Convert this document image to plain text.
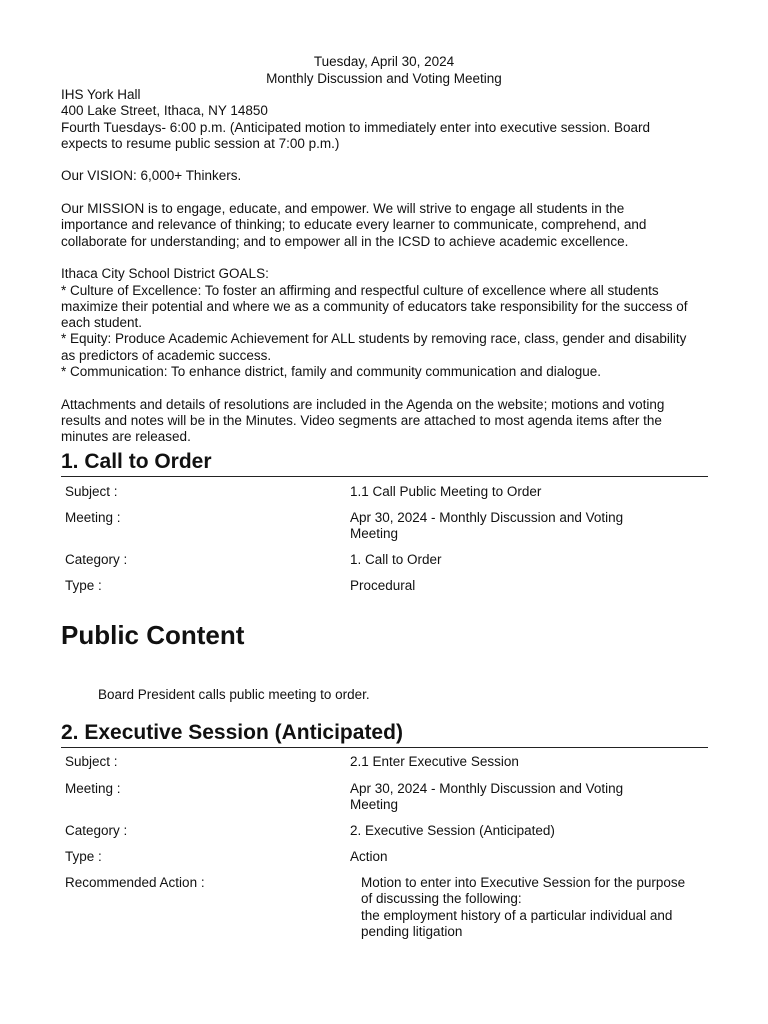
Tuesday, April 30, 2024
Monthly Discussion and Voting Meeting

IHS York Hall
400 Lake Street, Ithaca, NY 14850
Fourth Tuesdays- 6:00 p.m. (Anticipated motion to immediately enter into executive session. Board
expects to resume public session at 7:00 p.m.)

Our VISION: 6,000+ Thinkers.

Our MISSION is to engage, educate, and empower. We will strive to engage all students in the
importance and relevance of thinking; to educate every learner to communicate, comprehend, and
collaborate for understanding; and to empower all in the ICSD to achieve academic excellence.

Ithaca City School District GOALS:
* Culture of Excellence: To foster an affirming and respectful culture of excellence where all students
maximize their potential and where we as a community of educators take responsibility for the success of
each student.
* Equity: Produce Academic Achievement for ALL students by removing race, class, gender and disability
as predictors of academic success.
* Communication: To enhance district, family and community communication and dialogue.

Attachments and details of resolutions are included in the Agenda on the website; motions and voting
results and notes will be in the Minutes. Video segments are attached to most agenda items after the
minutes are released.

1. Call to Order
Subject :	1.1 Call Public Meeting to Order
Meeting :	Apr 30, 2024 - Monthly Discussion and Voting
Meeting
Category :	1. Call to Order
Type :	Procedural
Public Content
Board President calls public meeting to order.
2. Executive Session (Anticipated)
Subject :	2.1 Enter Executive Session
Meeting :	Apr 30, 2024 - Monthly Discussion and Voting
Meeting
Category :	2. Executive Session (Anticipated)
Type :	Action
Recommended Action :	Motion to enter into Executive Session for the purpose
of discussing the following:
the employment history of a particular individual and
pending litigation
